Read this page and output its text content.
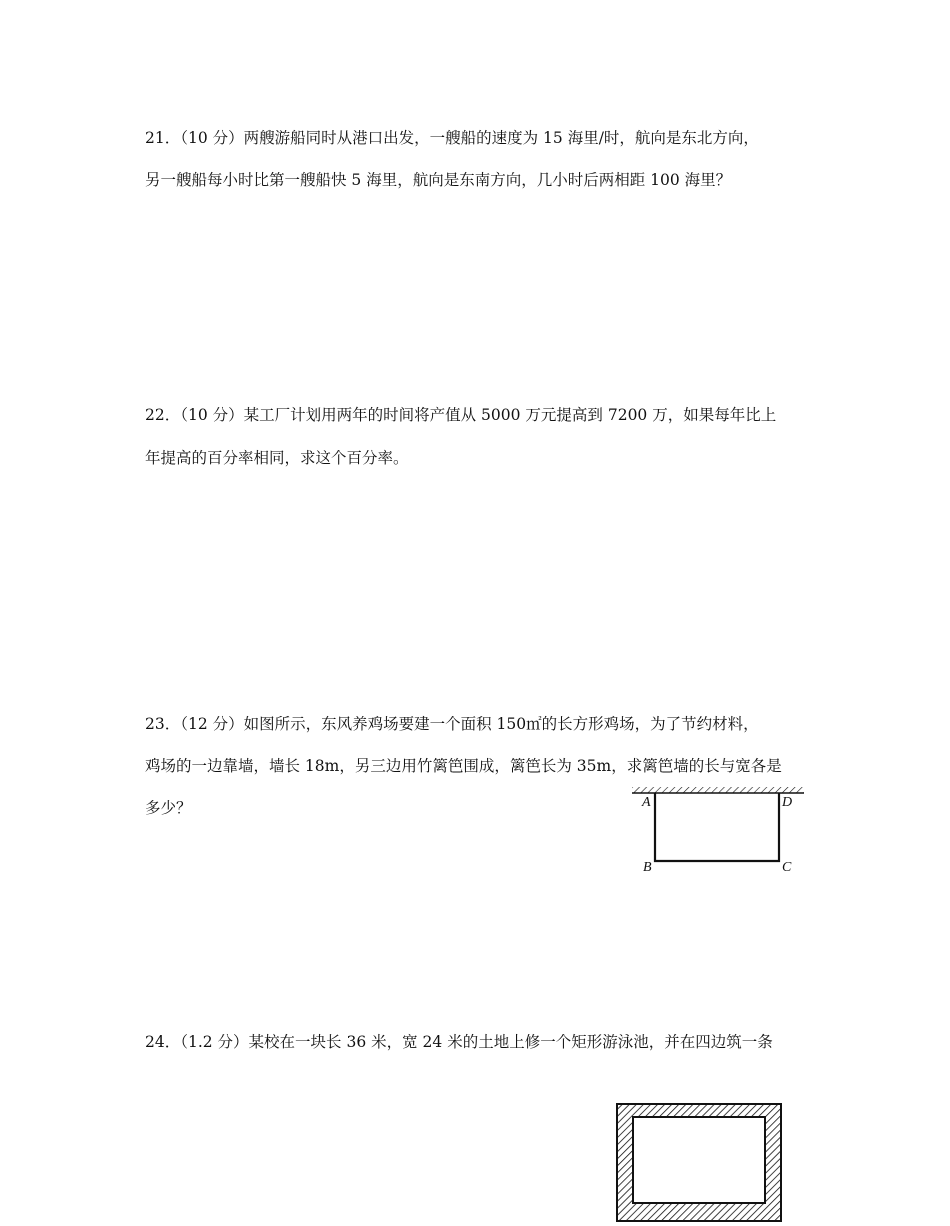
21．（10 分）两艘游船同时从港口出发，一艘船的速度为 15 海里/时，航向是东北方向，
另一艘船每小时比第一艘船快 5 海里，航向是东南方向，几小时后两相距 100 海里？
22．（10 分）某工厂计划用两年的时间将产值从 5000 万元提高到 7200 万，如果每年比上
年提高的百分率相同，求这个百分率。
23．（12 分）如图所示，东风养鸡场要建一个面积 150㎡的长方形鸡场，为了节约材料，
鸡场的一边靠墙，墙长 18m，另三边用竹篱笆围成，篱笆长为 35m，求篱笆墙的长与宽各是
多少？	A	D
B	C
24．（1.2 分）某校在一块长 36 米，宽 24 米的土地上修一个矩形游泳池，并在四边筑一条
